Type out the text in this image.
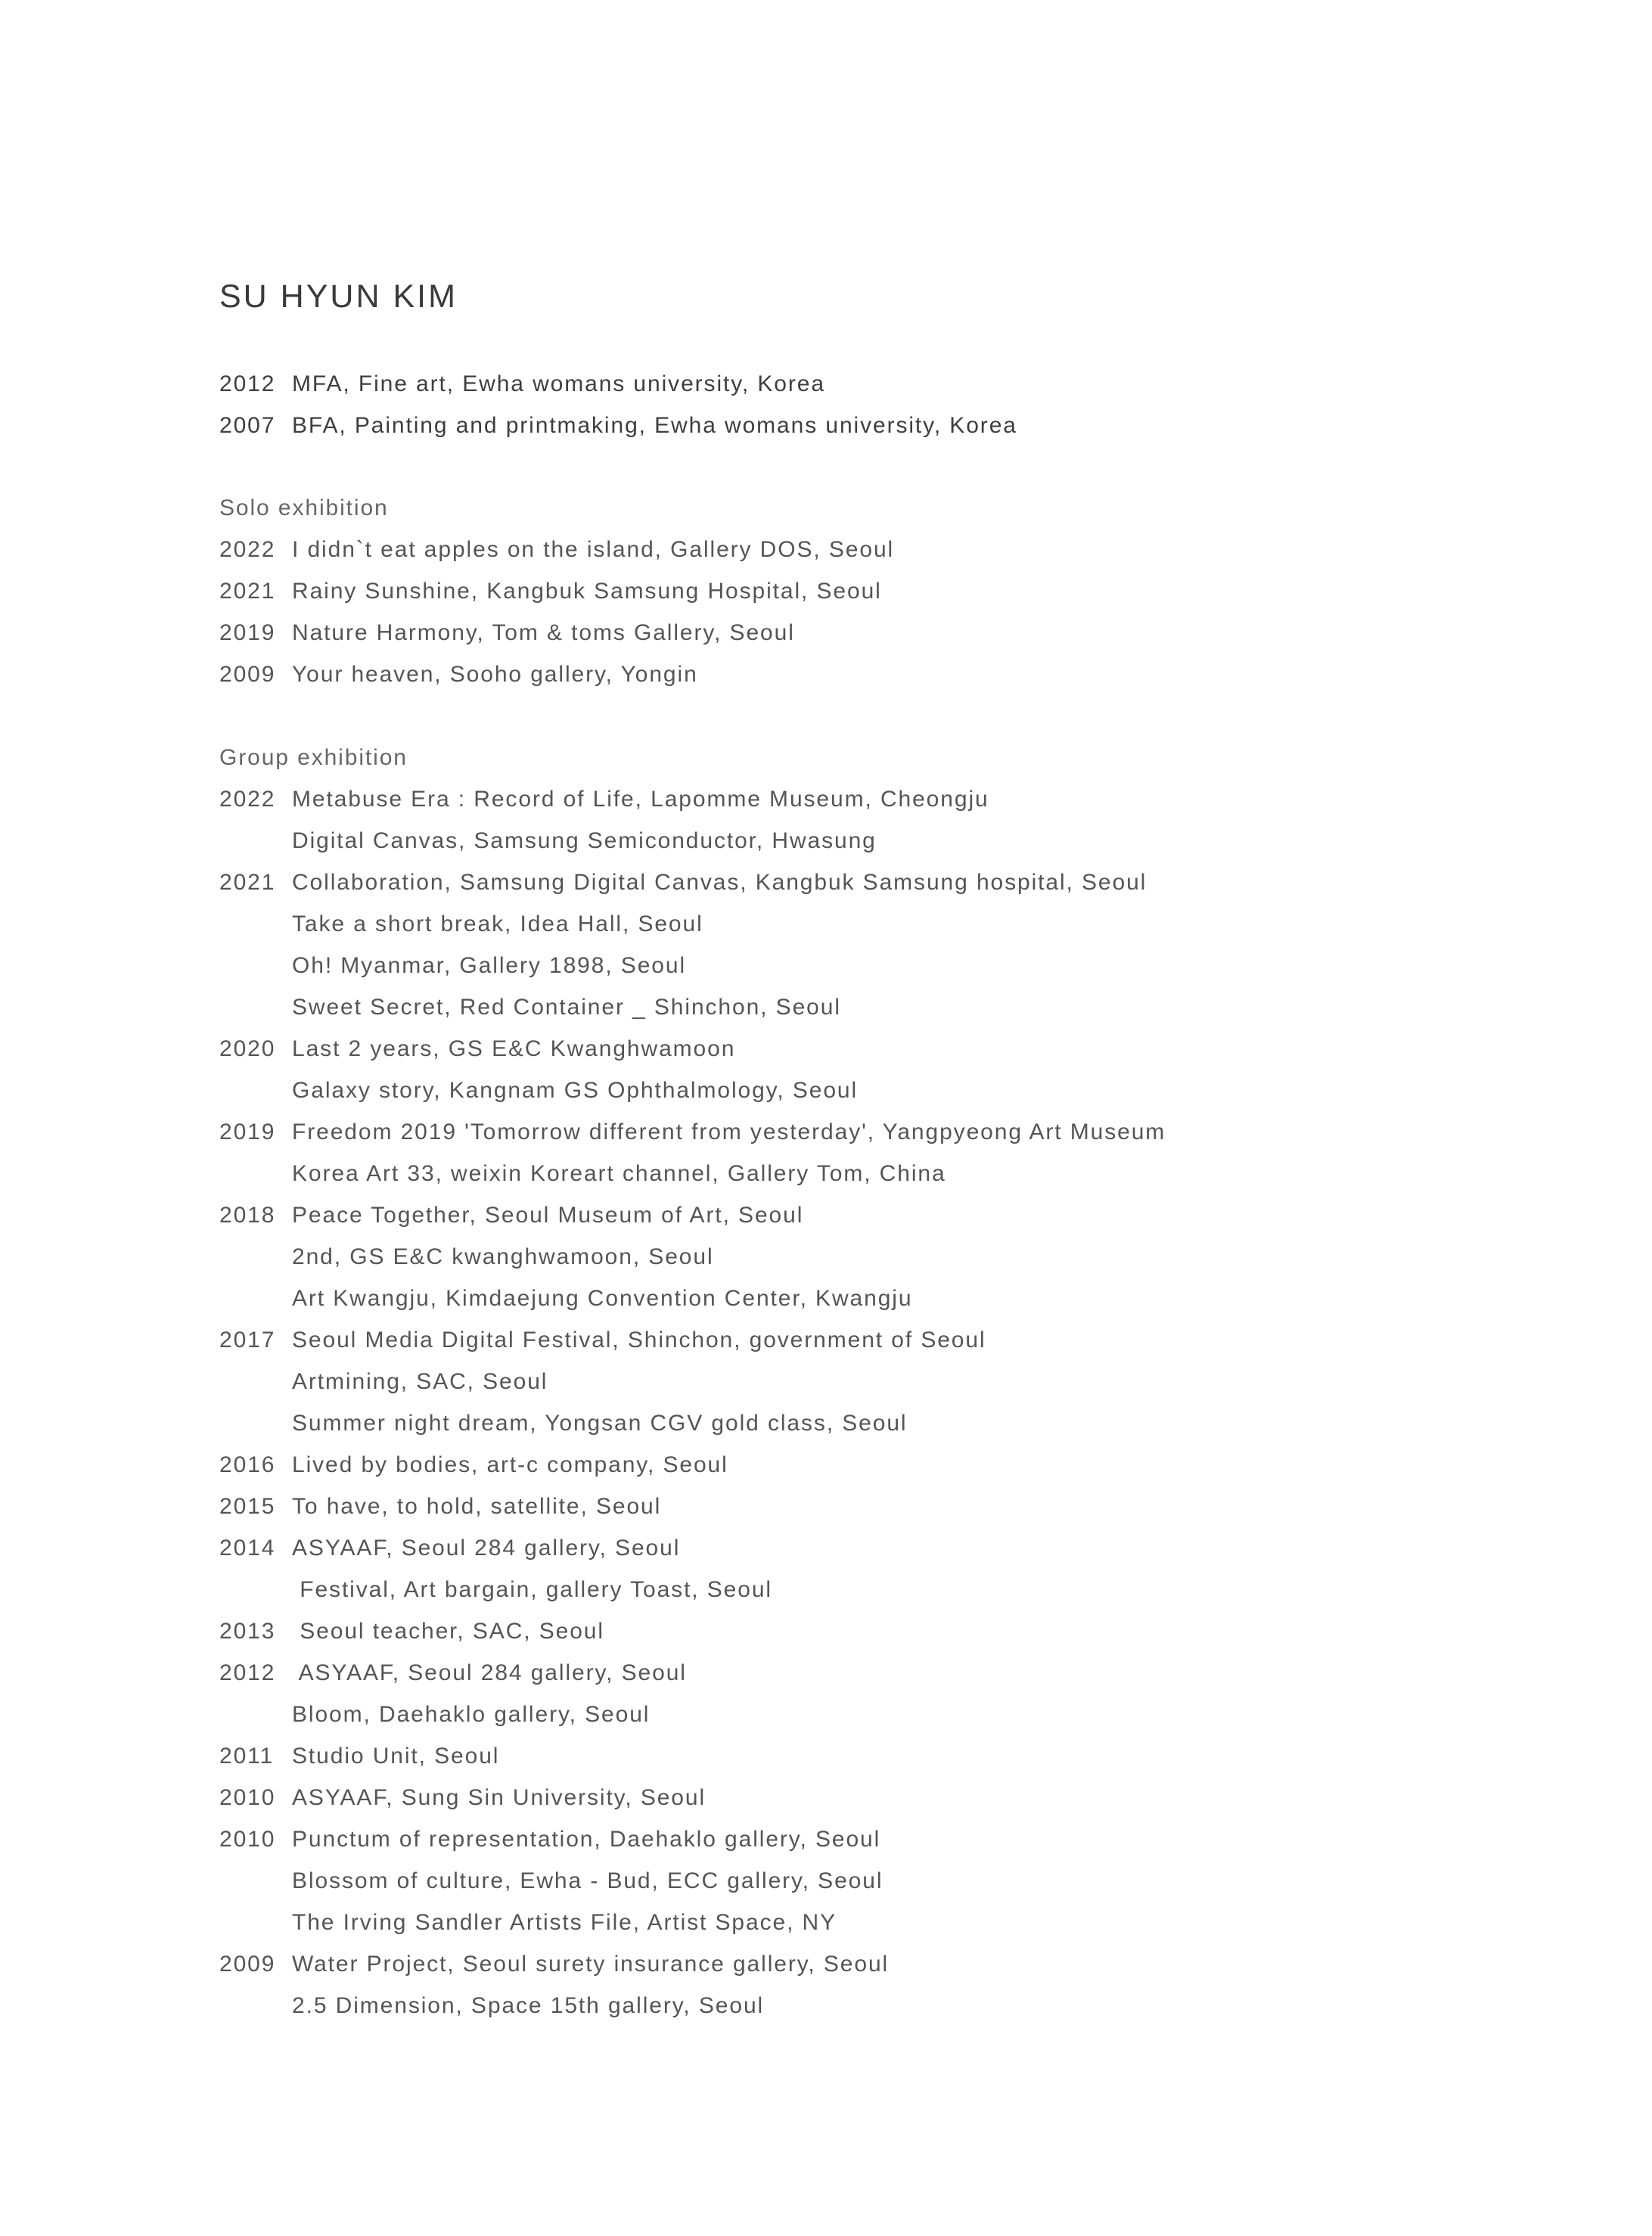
SU HYUN KIM
2012 MFA, Fine art, Ewha womans university, Korea
2007 BFA, Painting and printmaking, Ewha womans university, Korea
Solo exhibition
2022 I didn`t eat apples on the island, Gallery DOS, Seoul
2021 Rainy Sunshine, Kangbuk Samsung Hospital, Seoul
2019 Nature Harmony, Tom & toms Gallery, Seoul
2009 Your heaven, Sooho gallery, Yongin
Group exhibition
2022 Metabuse Era : Record of Life, Lapomme Museum, Cheongju
Digital Canvas, Samsung Semiconductor, Hwasung
2021 Collaboration, Samsung Digital Canvas, Kangbuk Samsung hospital, Seoul
Take a short break, Idea Hall, Seoul
Oh! Myanmar, Gallery 1898, Seoul
Sweet Secret, Red Container _ Shinchon, Seoul
2020 Last 2 years, GS E&C Kwanghwamoon
Galaxy story, Kangnam GS Ophthalmology, Seoul
2019 Freedom 2019 'Tomorrow different from yesterday', Yangpyeong Art Museum
Korea Art 33, weixin Koreart channel, Gallery Tom, China
2018 Peace Together, Seoul Museum of Art, Seoul
2nd, GS E&C kwanghwamoon, Seoul
Art Kwangju, Kimdaejung Convention Center, Kwangju
2017 Seoul Media Digital Festival, Shinchon, government of Seoul
Artmining, SAC, Seoul
Summer night dream, Yongsan CGV gold class, Seoul
2016 Lived by bodies, art-c company, Seoul
2015 To have, to hold, satellite, Seoul
2014 ASYAAF, Seoul 284 gallery, Seoul
Festival, Art bargain, gallery Toast, Seoul
2013 Seoul teacher, SAC, Seoul
2012 ASYAAF, Seoul 284 gallery, Seoul
Bloom, Daehaklo gallery, Seoul
2011 Studio Unit, Seoul
2010 ASYAAF, Sung Sin University, Seoul
2010 Punctum of representation, Daehaklo gallery, Seoul
Blossom of culture, Ewha - Bud, ECC gallery, Seoul
The Irving Sandler Artists File, Artist Space, NY
2009 Water Project, Seoul surety insurance gallery, Seoul
2.5 Dimension, Space 15th gallery, Seoul
